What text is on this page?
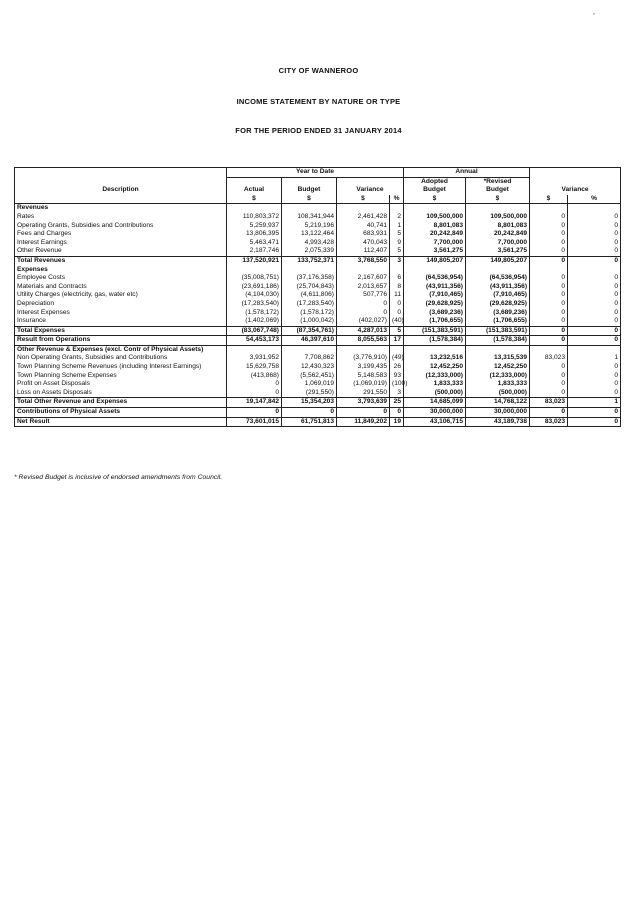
’
CITY OF WANNEROO
INCOME STATEMENT BY NATURE OR TYPE
FOR THE PERIOD ENDED 31 JANUARY 2014
	Year to Date				Annual			
					Adopted	*Revised		
Description	Actual	Budget	Variance		Budget	Budget	Variance	
	$	$	$	%	$	$	$	%
Revenues								
Rates	110,803,372	108,341,944	2,461,428	2	109,500,000	109,500,000	0	0
Operating Grants, Subsidies and Contributions	5,259,937	5,219,196	40,741	1	8,801,083	8,801,083	0	0
Fees and Charges	13,806,395	13,122,464	683,931	5	20,242,849	20,242,849	0	0
Interest Earnings	5,463,471	4,993,428	470,043	9	7,700,000	7,700,000	0	0
Other Revenue	2,187,746	2,075,339	112,407	5	3,561,275	3,561,275	0	0
Total Revenues	137,520,921	133,752,371	3,768,550	3	149,805,207	149,805,207	0	0
Expenses								
Employee Costs	(35,008,751)	(37,176,358)	2,167,607	6	(64,536,954)	(64,536,954)	0	0
Materials and Contracts	(23,691,186)	(25,704,843)	2,013,657	8	(43,911,356)	(43,911,356)	0	0
Utility Charges (electricity, gas, water etc)	(4,104,030)	(4,611,806)	507,776	11	(7,910,465)	(7,910,465)	0	0
Depreciation	(17,283,540)	(17,283,540)	0	0	(29,628,925)	(29,628,925)	0	0
Interest Expenses	(1,578,172)	(1,578,172)	0	0	(3,689,236)	(3,689,236)	0	0
Insurance	(1,402,069)	(1,000,042)	(402,027)	(40)	(1,706,655)	(1,706,655)	0	0
Total Expenses	(83,067,748)	(87,354,761)	4,287,013	5	(151,383,591)	(151,383,591)	0	0
Result from Operations	54,453,173	46,397,610	8,055,563	17	(1,578,384)	(1,578,384)	0	0
Other Revenue & Expenses (excl. Contr of Physical Assets)								
Non Operating Grants, Subsidies and Contributions	3,931,952	7,708,862	(3,776,910)	(49)	13,232,516	13,315,539	83,023	1
Town Planning Scheme Revenues (including Interest Earnings)	15,629,758	12,430,323	3,199,435	26	12,452,250	12,452,250	0	0
Town Planning Scheme Expenses	(413,868)	(5,562,451)	5,148,583	93	(12,333,000)	(12,333,000)	0	0
Profit on Asset Disposals	0	1,069,019	(1,069,019)	(100)	1,833,333	1,833,333	0	0
Loss on Assets Disposals	0	(291,550)	291,550	3	(500,000)	(500,000)	0	0
Total Other Revenue and Expenses	19,147,842	15,354,203	3,793,639	25	14,685,099	14,768,122	83,023	1
Contributions of Physical Assets	0	0	0	0	30,000,000	30,000,000	0	0
Net Result	73,601,015	61,751,813	11,849,202	19	43,106,715	43,189,738	83,023	0
* Revised Budget is inclusive of endorsed amendments from Council.
